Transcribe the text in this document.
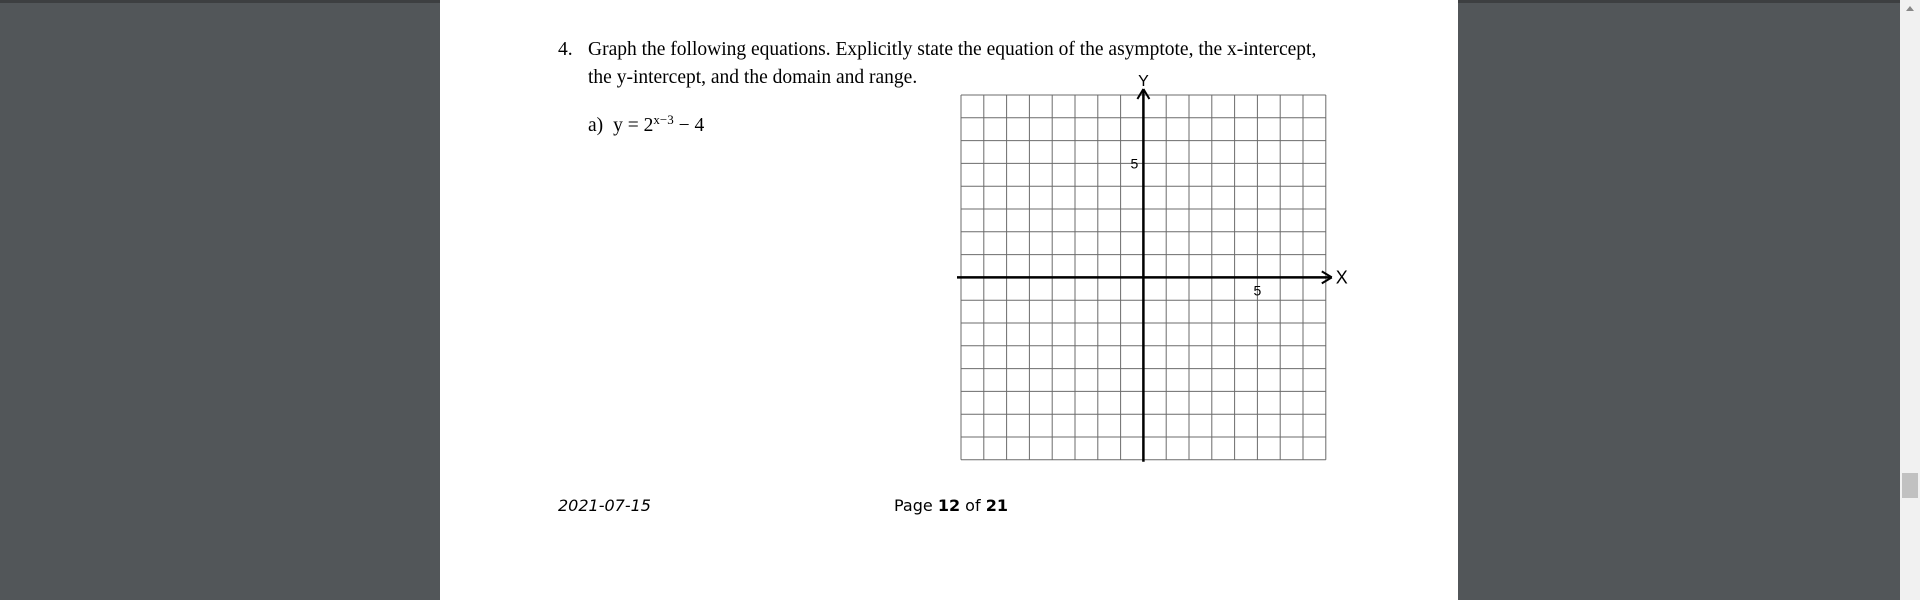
4. Graph the following equations. Explicitly state the equation of the asymptote, the x-intercept,
the y-intercept, and the domain and range.
a) $y = 2^{x-3} - 4$
X
Y
5
5
2021-07-15	Page 12 of 21
